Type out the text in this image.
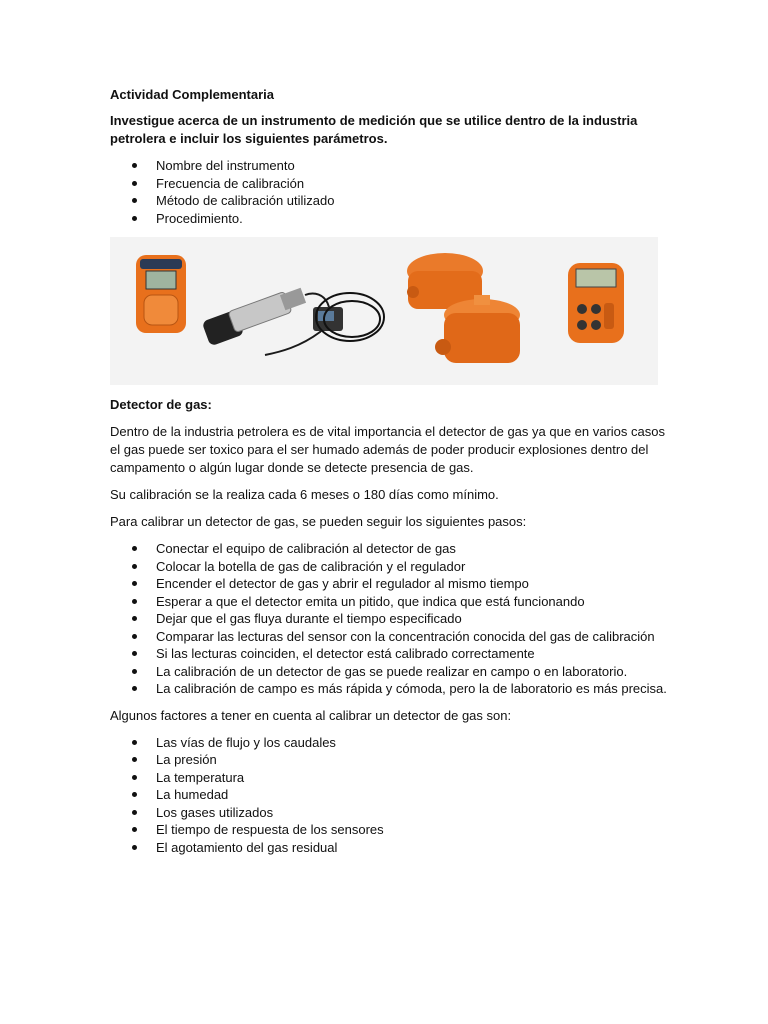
Actividad Complementaria

Investigue acerca de un instrumento de medición que se utilice dentro de la industria petrolera e incluir los siguientes parámetros.

Nombre del instrumento
Frecuencia de calibración
Método de calibración utilizado
Procedimiento.

Detector de gas:

Dentro de la industria petrolera es de vital importancia el detector de gas ya que en varios casos el gas puede ser toxico para el ser humado además de poder producir explosiones dentro del campamento o algún lugar donde se detecte presencia de gas.

Su calibración se la realiza cada 6 meses o 180 días como mínimo.

Para calibrar un detector de gas, se pueden seguir los siguientes pasos:

Conectar el equipo de calibración al detector de gas
Colocar la botella de gas de calibración y el regulador
Encender el detector de gas y abrir el regulador al mismo tiempo
Esperar a que el detector emita un pitido, que indica que está funcionando
Dejar que el gas fluya durante el tiempo especificado
Comparar las lecturas del sensor con la concentración conocida del gas de calibración
Si las lecturas coinciden, el detector está calibrado correctamente
La calibración de un detector de gas se puede realizar en campo o en laboratorio.
La calibración de campo es más rápida y cómoda, pero la de laboratorio es más precisa.

Algunos factores a tener en cuenta al calibrar un detector de gas son:

Las vías de flujo y los caudales
La presión
La temperatura
La humedad
Los gases utilizados
El tiempo de respuesta de los sensores
El agotamiento del gas residual
